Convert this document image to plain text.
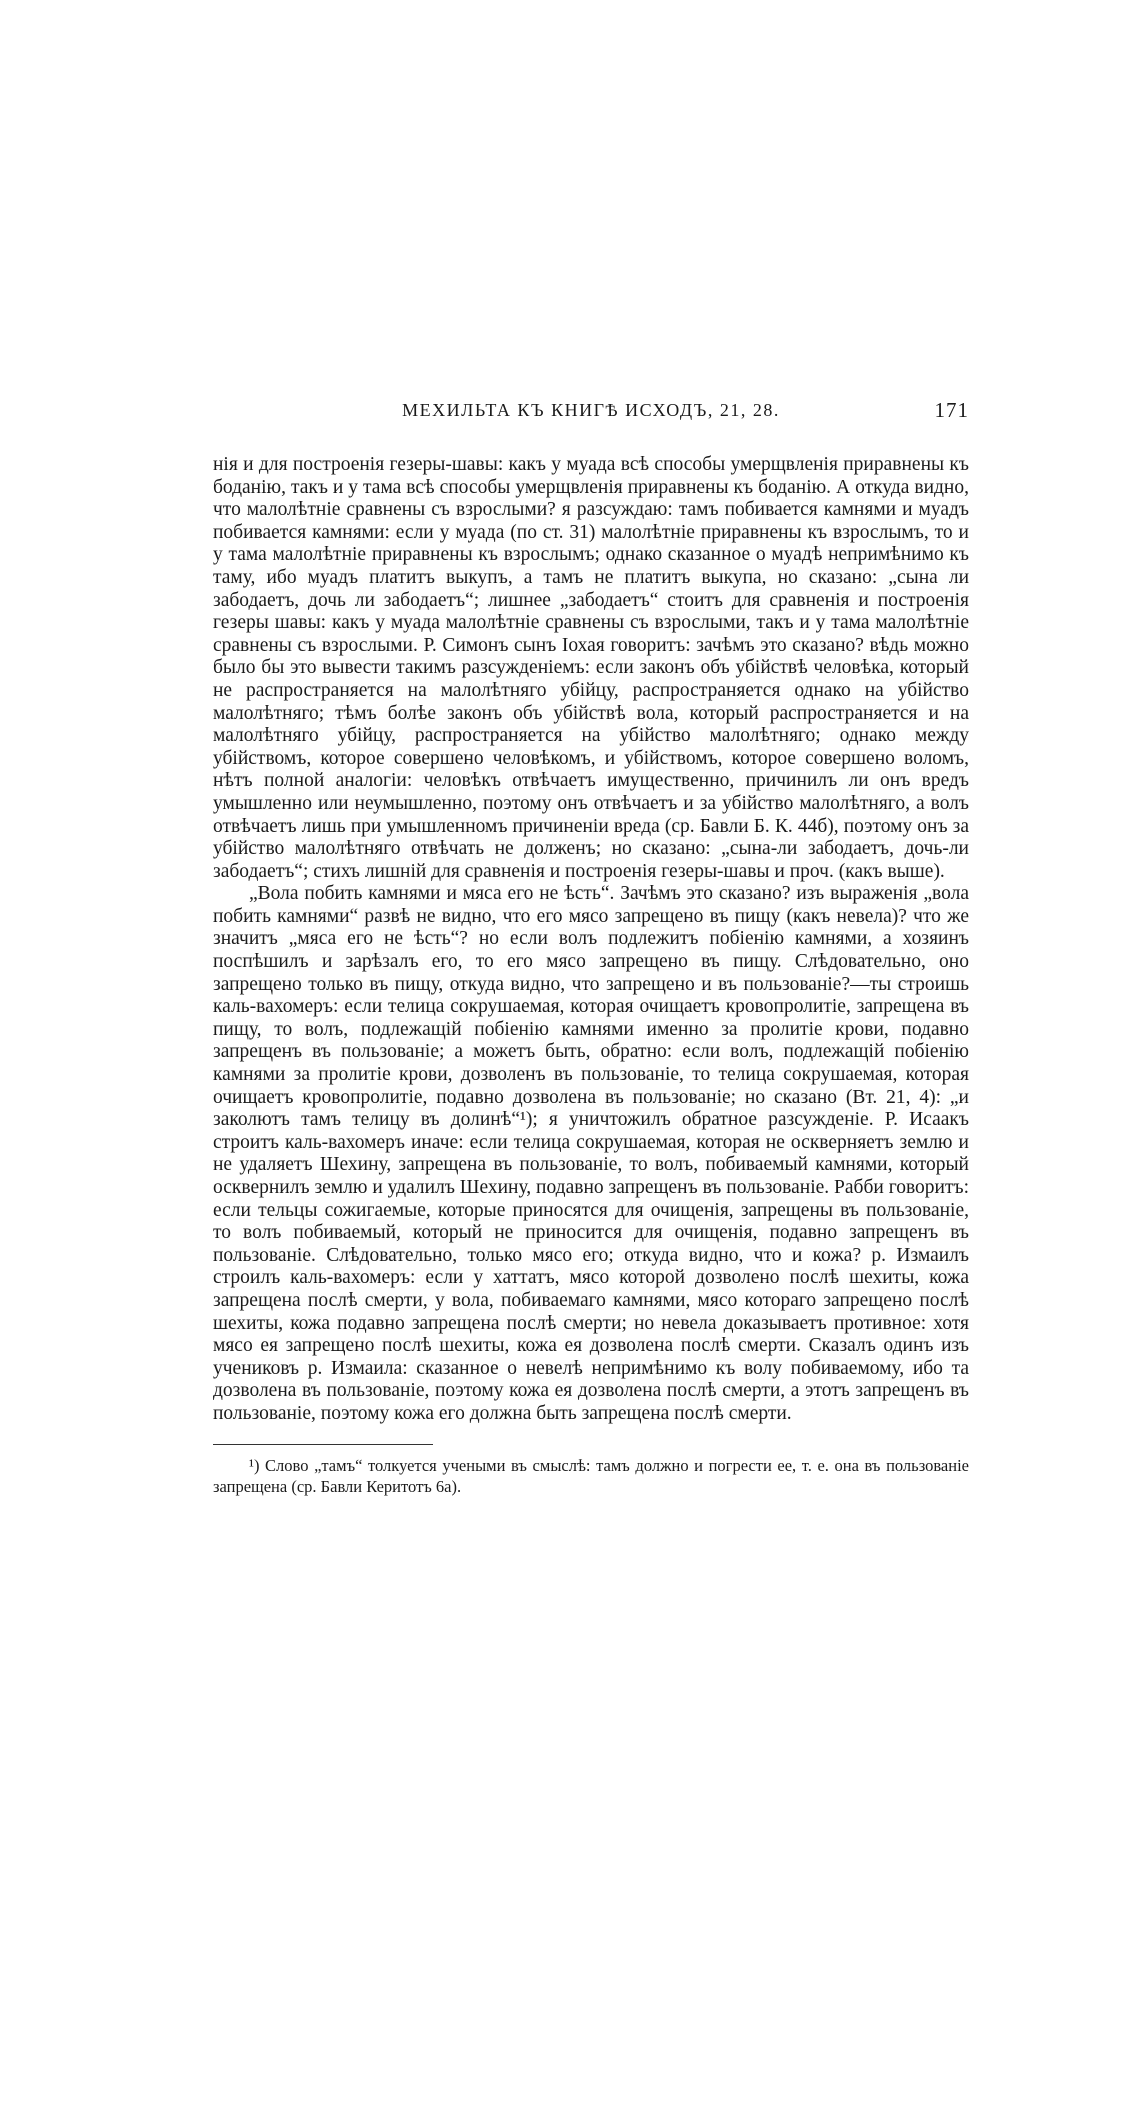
МЕХИЛЬТА КЪ КНИГѢ ИСХОДЪ, 21, 28.	171

нія и для построенія гезеры-шавы: какъ у муада всѣ способы умерщвленія приравнены къ боданію, такъ и у тама всѣ способы умерщвленія приравнены къ боданію. А откуда видно, что малолѣтніе сравнены съ взрослыми? я разсуждаю: тамъ побивается камнями и муадъ побивается камнями: если у муада (по ст. 31) малолѣтніе приравнены къ взрослымъ, то и у тама малолѣтніе приравнены къ взрослымъ; однако сказанное о муадѣ непримѣнимо къ таму, ибо муадъ платитъ выкупъ, а тамъ не платитъ выкупа, но сказано: „сына ли забодаетъ, дочь ли забодаетъ“; лишнее „забодаетъ“ стоитъ для сравненія и построенія гезеры шавы: какъ у муада малолѣтніе сравнены съ взрослыми, такъ и у тама малолѣтніе сравнены съ взрослыми. Р. Симонъ сынъ Іохая говоритъ: зачѣмъ это сказано? вѣдь можно было бы это вывести такимъ разсужденіемъ: если законъ объ убійствѣ человѣка, который не распространяется на малолѣтняго убійцу, распространяется однако на убійство малолѣтняго; тѣмъ болѣе законъ объ убійствѣ вола, который распространяется и на малолѣтняго убійцу, распространяется на убійство малолѣтняго; однако между убійствомъ, которое совершено человѣкомъ, и убійствомъ, которое совершено воломъ, нѣтъ полной аналогіи: человѣкъ отвѣчаетъ имущественно, причинилъ ли онъ вредъ умышленно или неумышленно, поэтому онъ отвѣчаетъ и за убійство малолѣтняго, а волъ отвѣчаетъ лишь при умышленномъ причиненіи вреда (ср. Бавли Б. К. 44б), поэтому онъ за убійство малолѣтняго отвѣчать не долженъ; но сказано: „сына-ли забодаетъ, дочь-ли забодаетъ“; стихъ лишній для сравненія и построенія гезеры-шавы и проч. (какъ выше).

„Вола побить камнями и мяса его не ѣсть“. Зачѣмъ это сказано? изъ выраженія „вола побить камнями“ развѣ не видно, что его мясо запрещено въ пищу (какъ невела)? что же значитъ „мяса его не ѣсть“? но если волъ подлежитъ побіенію камнями, а хозяинъ поспѣшилъ и зарѣзалъ его, то его мясо запрещено въ пищу. Слѣдовательно, оно запрещено только въ пищу, откуда видно, что запрещено и въ пользованіе?—ты строишь каль-вахомеръ: если телица сокрушаемая, которая очищаетъ кровопролитіе, запрещена въ пищу, то волъ, подлежащій побіенію камнями именно за пролитіе крови, подавно запрещенъ въ пользованіе; а можетъ быть, обратно: если волъ, подлежащій побіенію камнями за пролитіе крови, дозволенъ въ пользованіе, то телица сокрушаемая, которая очищаетъ кровопролитіе, подавно дозволена въ пользованіе; но сказано (Вт. 21, 4): „и заколютъ тамъ телицу въ долинѣ“¹); я уничтожилъ обратное разсужденіе. Р. Исаакъ строитъ каль-вахомеръ иначе: если телица сокрушаемая, которая не оскверняетъ землю и не удаляетъ Шехину, запрещена въ пользованіе, то волъ, побиваемый камнями, который осквернилъ землю и удалилъ Шехину, подавно запрещенъ въ пользованіе. Рабби говоритъ: если тельцы сожигаемые, которые приносятся для очищенія, запрещены въ пользованіе, то волъ побиваемый, который не приносится для очищенія, подавно запрещенъ въ пользованіе. Слѣдовательно, только мясо его; откуда видно, что и кожа? р. Измаилъ строилъ каль-вахомеръ: если у хаттатъ, мясо которой дозволено послѣ шехиты, кожа запрещена послѣ смерти, у вола, побиваемаго камнями, мясо котораго запрещено послѣ шехиты, кожа подавно запрещена послѣ смерти; но невела доказываетъ противное: хотя мясо ея запрещено послѣ шехиты, кожа ея дозволена послѣ смерти. Сказалъ одинъ изъ учениковъ р. Измаила: сказанное о невелѣ непримѣнимо къ волу побиваемому, ибо та дозволена въ пользованіе, поэтому кожа ея дозволена послѣ смерти, а этотъ запрещенъ въ пользованіе, поэтому кожа его должна быть запрещена послѣ смерти.

¹) Слово „тамъ“ толкуется учеными въ смыслѣ: тамъ должно и погрести ее, т. е. она въ пользованіе запрещена (ср. Бавли Керитотъ 6а).
